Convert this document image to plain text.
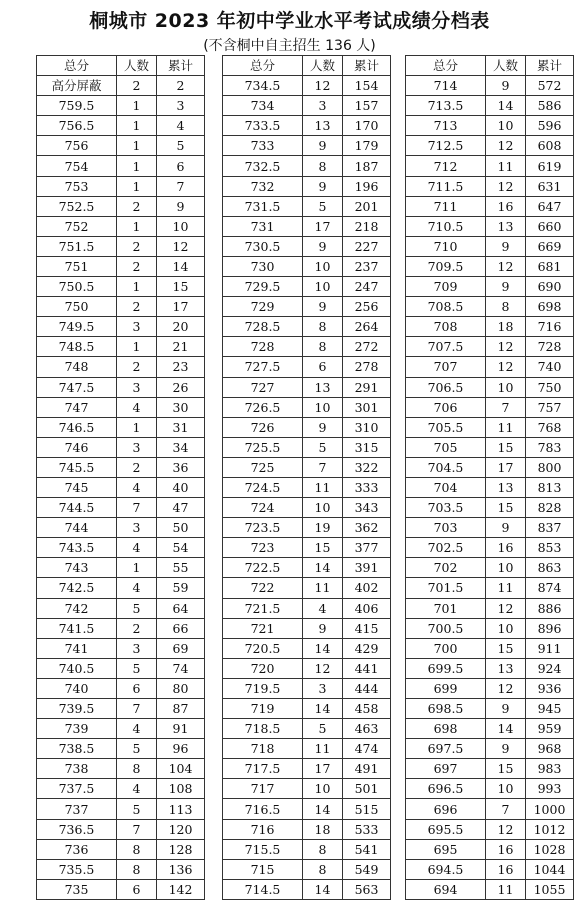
桐城市 2023 年初中学业水平考试成绩分档表
(不含桐中自主招生 136 人)
总分	人数	累计
高分屏蔽	2	2
759.5	1	3
756.5	1	4
756	1	5
754	1	6
753	1	7
752.5	2	9
752	1	10
751.5	2	12
751	2	14
750.5	1	15
750	2	17
749.5	3	20
748.5	1	21
748	2	23
747.5	3	26
747	4	30
746.5	1	31
746	3	34
745.5	2	36
745	4	40
744.5	7	47
744	3	50
743.5	4	54
743	1	55
742.5	4	59
742	5	64
741.5	2	66
741	3	69
740.5	5	74
740	6	80
739.5	7	87
739	4	91
738.5	5	96
738	8	104
737.5	4	108
737	5	113
736.5	7	120
736	8	128
735.5	8	136
735	6	142
总分	人数	累计
734.5	12	154
734	3	157
733.5	13	170
733	9	179
732.5	8	187
732	9	196
731.5	5	201
731	17	218
730.5	9	227
730	10	237
729.5	10	247
729	9	256
728.5	8	264
728	8	272
727.5	6	278
727	13	291
726.5	10	301
726	9	310
725.5	5	315
725	7	322
724.5	11	333
724	10	343
723.5	19	362
723	15	377
722.5	14	391
722	11	402
721.5	4	406
721	9	415
720.5	14	429
720	12	441
719.5	3	444
719	14	458
718.5	5	463
718	11	474
717.5	17	491
717	10	501
716.5	14	515
716	18	533
715.5	8	541
715	8	549
714.5	14	563
总分	人数	累计
714	9	572
713.5	14	586
713	10	596
712.5	12	608
712	11	619
711.5	12	631
711	16	647
710.5	13	660
710	9	669
709.5	12	681
709	9	690
708.5	8	698
708	18	716
707.5	12	728
707	12	740
706.5	10	750
706	7	757
705.5	11	768
705	15	783
704.5	17	800
704	13	813
703.5	15	828
703	9	837
702.5	16	853
702	10	863
701.5	11	874
701	12	886
700.5	10	896
700	15	911
699.5	13	924
699	12	936
698.5	9	945
698	14	959
697.5	9	968
697	15	983
696.5	10	993
696	7	1000
695.5	12	1012
695	16	1028
694.5	16	1044
694	11	1055
